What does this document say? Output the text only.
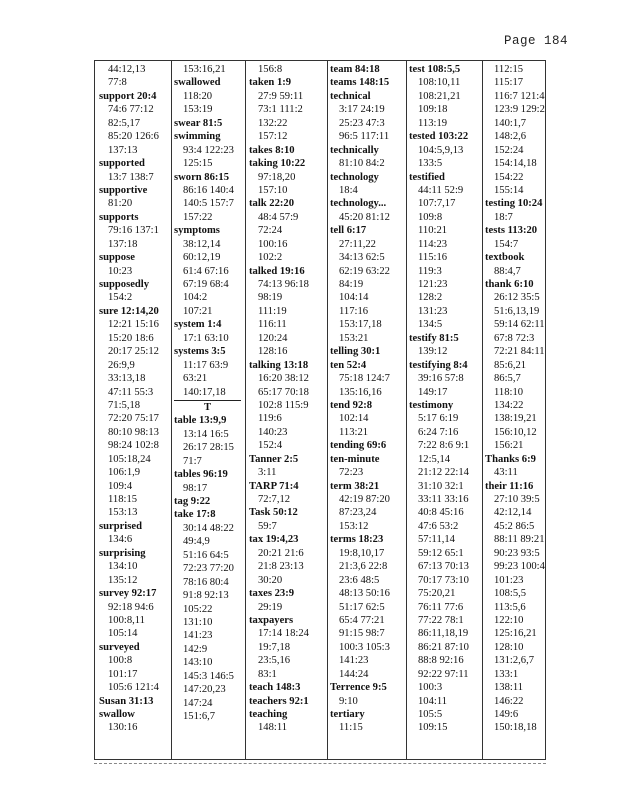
Page 184
44:12,13
77:8
support 20:4
74:6 77:12
82:5,17
85:20 126:6
137:13
supported
13:7 138:7
supportive
81:20
supports
79:16 137:1
137:18
suppose
10:23
supposedly
154:2
sure 12:14,20
12:21 15:16
15:20 18:6
20:17 25:12
26:9,9
33:13,18
47:11 55:3
71:5,18
72:20 75:17
80:10 98:13
98:24 102:8
105:18,24
106:1,9
109:4
118:15
153:13
surprised
134:6
surprising
134:10
135:12
survey 92:17
92:18 94:6
100:8,11
105:14
surveyed
100:8
101:17
105:6 121:4
Susan 31:13
swallow
130:16
153:16,21
swallowed
118:20
153:19
swear 81:5
swimming
93:4 122:23
125:15
sworn 86:15
86:16 140:4
140:5 157:7
157:22
symptoms
38:12,14
60:12,19
61:4 67:16
67:19 68:4
104:2
107:21
system 1:4
17:1 63:10
systems 3:5
11:17 63:9
63:21
140:17,18
T
table 13:9,9
13:14 16:5
26:17 28:15
71:7
tables 96:19
98:17
tag 9:22
take 17:8
30:14 48:22
49:4,9
51:16 64:5
72:23 77:20
78:16 80:4
91:8 92:13
105:22
131:10
141:23
142:9
143:10
145:3 146:5
147:20,23
147:24
151:6,7
156:8
taken 1:9
27:9 59:11
73:1 111:2
132:22
157:12
takes 8:10
taking 10:22
97:18,20
157:10
talk 22:20
48:4 57:9
72:24
100:16
102:2
talked 19:16
74:13 96:18
98:19
111:19
116:11
120:24
128:16
talking 13:18
16:20 38:12
65:17 70:18
102:8 115:9
119:6
140:23
152:4
Tanner 2:5
3:11
TARP 71:4
72:7,12
Task 50:12
59:7
tax 19:4,23
20:21 21:6
21:8 23:13
30:20
taxes 23:9
29:19
taxpayers
17:14 18:24
19:7,18
23:5,16
83:1
teach 148:3
teachers 92:1
teaching
148:11
team 84:18
teams 148:15
technical
3:17 24:19
25:23 47:3
96:5 117:11
technically
81:10 84:2
technology
18:4
technology...
45:20 81:12
tell 6:17
27:11,22
34:13 62:5
62:19 63:22
84:19
104:14
117:16
153:17,18
153:21
telling 30:1
ten 52:4
75:18 124:7
135:16,16
tend 92:8
102:14
113:21
tending 69:6
ten-minute
72:23
term 38:21
42:19 87:20
87:23,24
153:12
terms 18:23
19:8,10,17
21:3,6 22:8
23:6 48:5
48:13 50:16
51:17 62:5
65:4 77:21
91:15 98:7
100:3 105:3
141:23
144:24
Terrence 9:5
9:10
tertiary
11:15
test 108:5,5
108:10,11
108:21,21
109:18
113:19
tested 103:22
104:5,9,13
133:5
testified
44:11 52:9
107:7,17
109:8
110:21
114:23
115:16
119:3
121:23
128:2
131:23
134:5
testify 81:5
139:12
testifying 8:4
39:16 57:8
149:17
testimony
5:17 6:19
6:24 7:16
7:22 8:6 9:1
12:5,14
21:12 22:14
31:10 32:1
33:11 33:16
40:8 45:16
47:6 53:2
57:11,14
59:12 65:1
67:13 70:13
70:17 73:10
75:20,21
76:11 77:6
77:22 78:1
86:11,18,19
86:21 87:10
88:8 92:16
92:22 97:11
100:3
104:11
105:5
109:15
112:15
115:17
116:7 121:4
123:9 129:2
140:1,7
148:2,6
152:24
154:14,18
154:22
155:14
testing 10:24
18:7
tests 113:20
154:7
textbook
88:4,7
thank 6:10
26:12 35:5
51:6,13,19
59:14 62:11
67:8 72:3
72:21 84:11
85:6,21
86:5,7
118:10
134:22
138:19,21
156:10,12
156:21
Thanks 6:9
43:11
their 11:16
27:10 39:5
42:12,14
45:2 86:5
88:11 89:21
90:23 93:5
99:23 100:4
101:23
108:5,5
113:5,6
122:10
125:16,21
128:10
131:2,6,7
133:1
138:11
146:22
149:6
150:18,18
